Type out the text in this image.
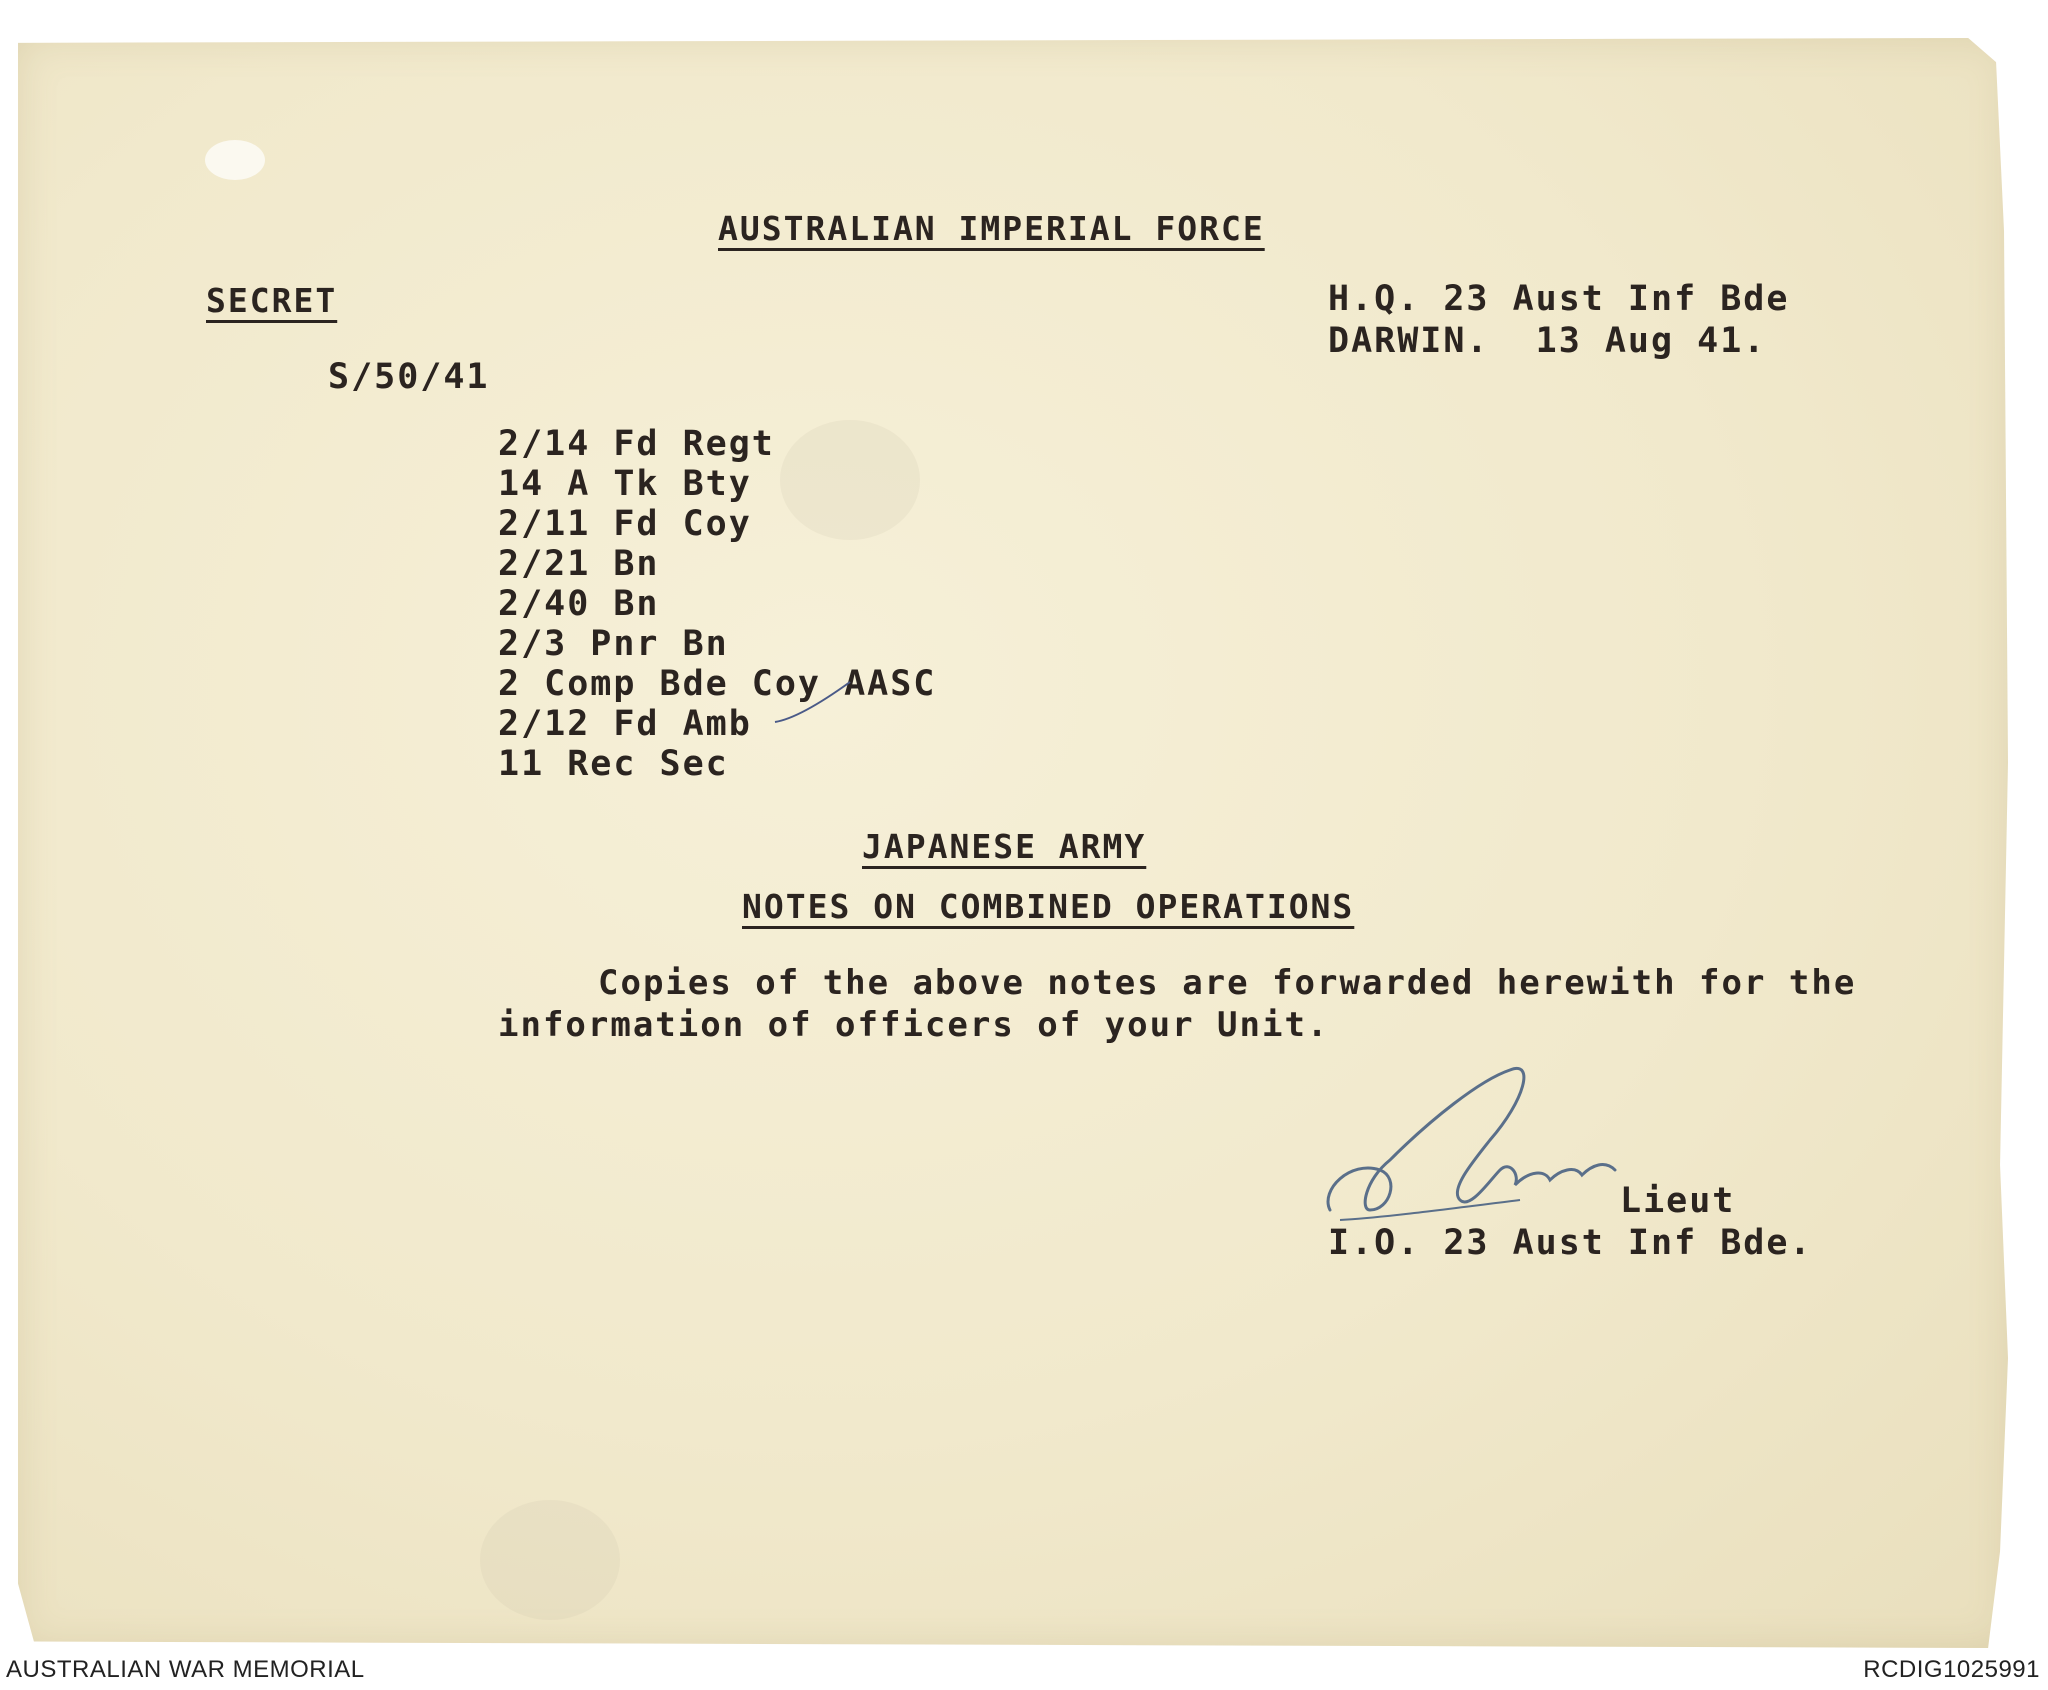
AUSTRALIAN IMPERIAL FORCE
SECRET	H.Q. 23 Aust Inf Bde
DARWIN.  13 Aug 41.
S/50/41
2/14 Fd Regt
14 A Tk Bty
2/11 Fd Coy
2/21 Bn
2/40 Bn
2/3 Pnr Bn
2 Comp Bde Coy AASC
2/12 Fd Amb
11 Rec Sec
JAPANESE ARMY
NOTES ON COMBINED OPERATIONS

Copies of the above notes are forwarded herewith for the information of officers of your Unit.

Lieut
I.O. 23 Aust Inf Bde.
AUSTRALIAN WAR MEMORIAL	RCDIG1025991
